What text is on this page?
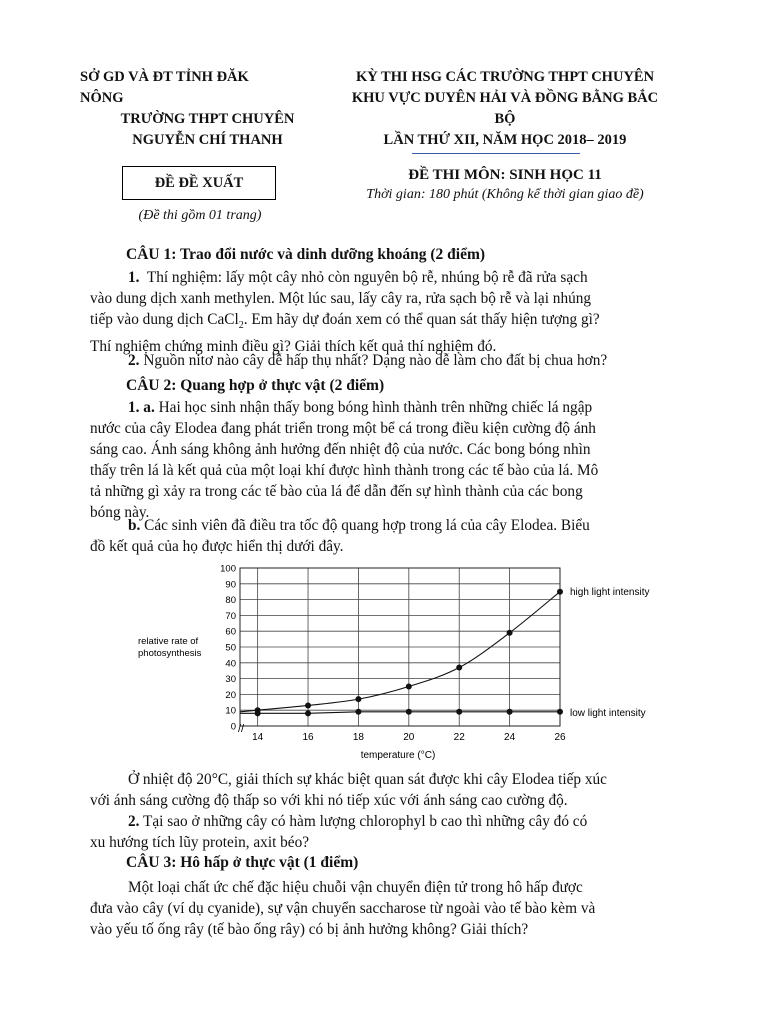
SỞ GD VÀ ĐT TỈNH ĐĂK
NÔNG
TRƯỜNG THPT CHUYÊN
NGUYỄN CHÍ THANH
KỲ THI HSG CÁC TRƯỜNG THPT CHUYÊN
KHU VỰC DUYÊN HẢI VÀ ĐỒNG BẰNG BẮC
BỘ
LẦN THỨ XII, NĂM HỌC 2018– 2019
ĐỀ ĐỀ XUẤT
(Đề thi gồm 01 trang)
ĐỀ THI MÔN: SINH HỌC 11
Thời gian: 180 phút (Không kể thời gian giao đề)
CÂU 1: Trao đổi nước và dinh dưỡng khoáng (2 điểm)
1. Thí nghiệm: lấy một cây nhỏ còn nguyên bộ rễ, nhúng bộ rễ đã rửa sạch
vào dung dịch xanh methylen. Một lúc sau, lấy cây ra, rửa sạch bộ rễ và lại nhúng
tiếp vào dung dịch CaCl$_2$. Em hãy dự đoán xem có thể quan sát thấy hiện tượng gì?
Thí nghiệm chứng minh điều gì? Giải thích kết quả thí nghiệm đó.
2. Nguồn nitơ nào cây dễ hấp thụ nhất? Dạng nào dễ làm cho đất bị chua hơn?
CÂU 2: Quang hợp ở thực vật (2 điểm)
1. a. Hai học sinh nhận thấy bong bóng hình thành trên những chiếc lá ngập
nước của cây Elodea đang phát triển trong một bể cá trong điều kiện cường độ ánh
sáng cao. Ánh sáng không ảnh hưởng đến nhiệt độ của nước. Các bong bóng nhìn
thấy trên lá là kết quả của một loại khí được hình thành trong các tế bào của lá. Mô
tả những gì xảy ra trong các tế bào của lá để dẫn đến sự hình thành của các bong
bóng này.
b. Các sinh viên đã điều tra tốc độ quang hợp trong lá của cây Elodea. Biểu
đồ kết quả của họ được hiển thị dưới đây.
0
10
20
30
40
50
60
70
80
90
100
14	16	18	20	22	24	26
relative rate of
photosynthesis
temperature (°C)
high light intensity
low light intensity
//
Ở nhiệt độ 20°C, giải thích sự khác biệt quan sát được khi cây Elodea tiếp xúc
với ánh sáng cường độ thấp so với khi nó tiếp xúc với ánh sáng cao cường độ.
2. Tại sao ở những cây có hàm lượng chlorophyl b cao thì những cây đó có
xu hướng tích lũy protein, axit béo?
CÂU 3: Hô hấp ở thực vật (1 điểm)
Một loại chất ức chế đặc hiệu chuỗi vận chuyển điện tử trong hô hấp được
đưa vào cây (ví dụ cyanide), sự vận chuyển saccharose từ ngoài vào tế bào kèm và
vào yếu tố ống rây (tế bào ống rây) có bị ảnh hưởng không? Giải thích?
